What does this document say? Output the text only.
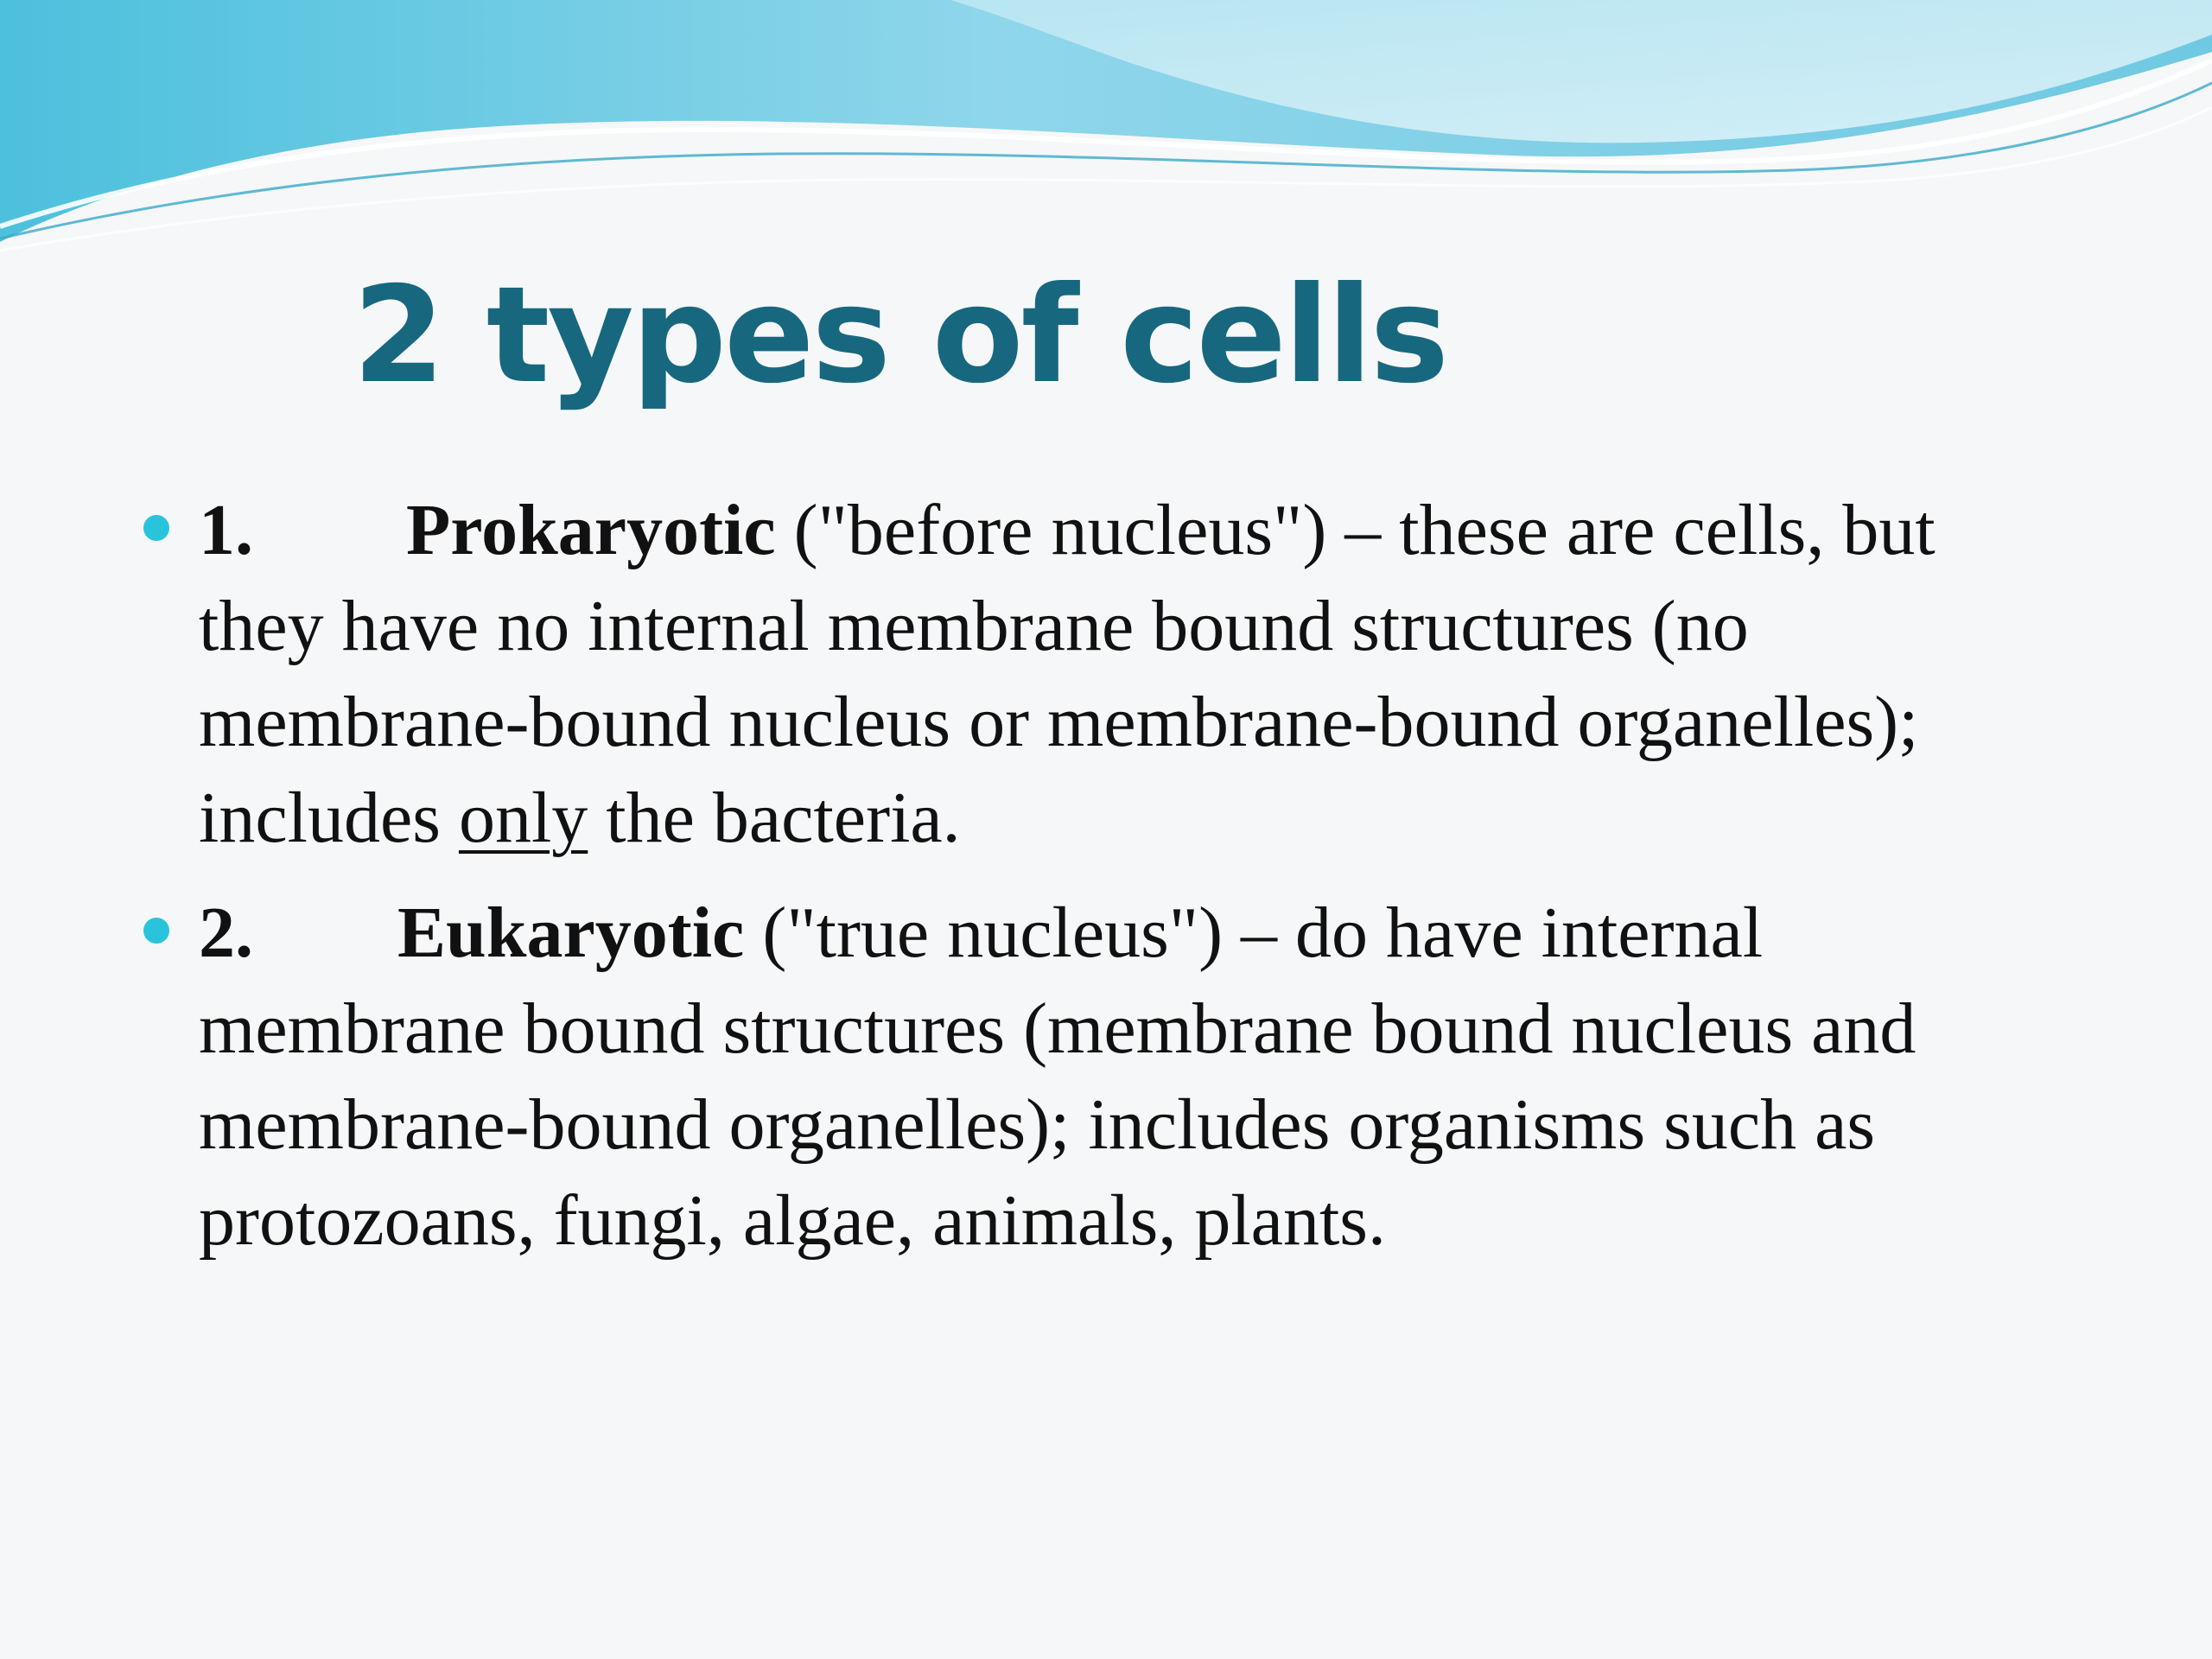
2 types of cells
1. Prokaryotic ("before nucleus") – these are cells, but they have no internal membrane bound structures (no membrane-bound nucleus or membrane-bound organelles); includes only the bacteria.
2. Eukaryotic ("true nucleus") – do have internal membrane bound structures (membrane bound nucleus and membrane-bound organelles); includes organisms such as protozoans, fungi, algae, animals, plants.
